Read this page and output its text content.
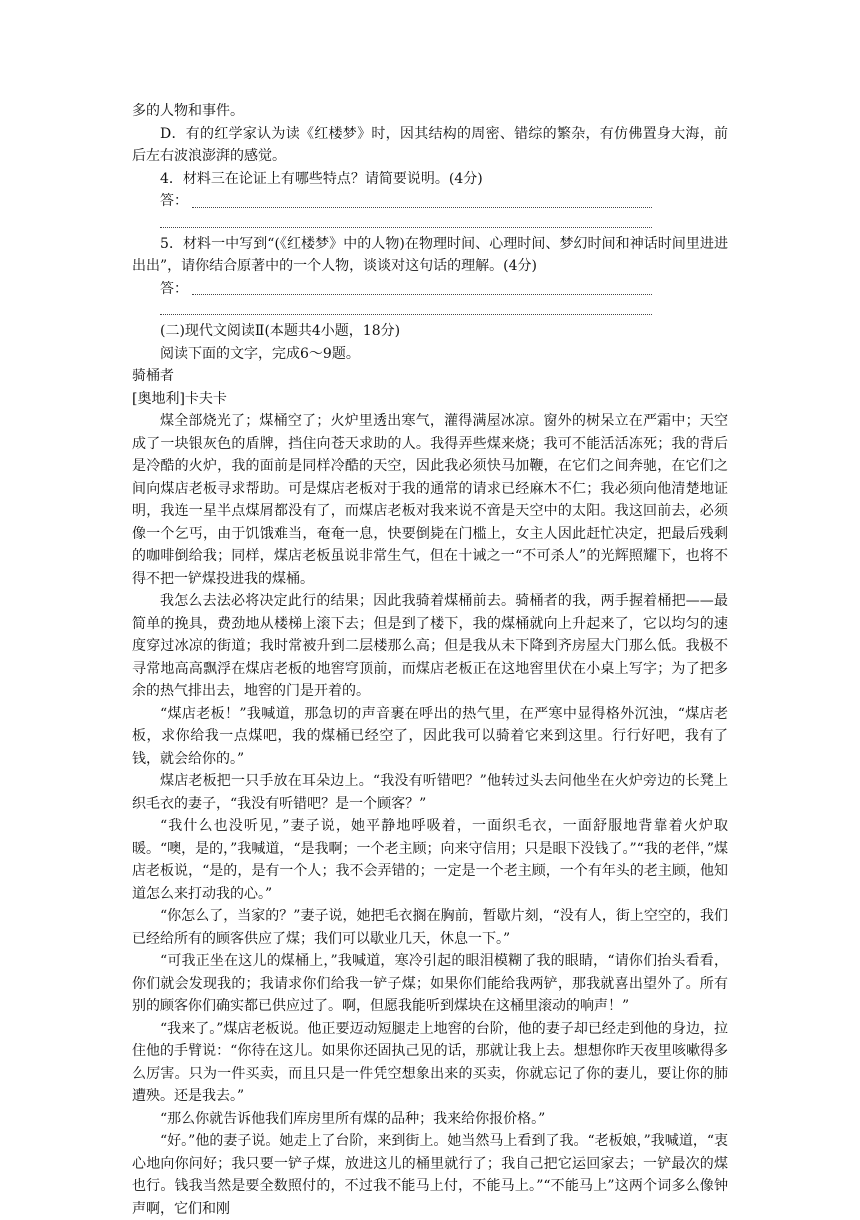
多的人物和事件。

D．有的红学家认为读《红楼梦》时，因其结构的周密、错综的繁杂，有仿佛置身大海，前后左右波浪澎湃的感觉。

4．材料三在论证上有哪些特点？请简要说明。(4分)

答：

5．材料一中写到“(《红楼梦》中的人物)在物理时间、心理时间、梦幻时间和神话时间里进进出出”，请你结合原著中的一个人物，谈谈对这句话的理解。(4分)

答：

(二)现代文阅读Ⅱ(本题共4小题，18分)

阅读下面的文字，完成6～9题。

骑桶者

[奥地利]卡夫卡

煤全部烧光了；煤桶空了；火炉里透出寒气，灌得满屋冰凉。窗外的树呆立在严霜中；天空成了一块银灰色的盾牌，挡住向苍天求助的人。我得弄些煤来烧；我可不能活活冻死；我的背后是冷酷的火炉，我的面前是同样冷酷的天空，因此我必须快马加鞭，在它们之间奔驰，在它们之间向煤店老板寻求帮助。可是煤店老板对于我的通常的请求已经麻木不仁；我必须向他清楚地证明，我连一星半点煤屑都没有了，而煤店老板对我来说不啻是天空中的太阳。我这回前去，必须像一个乞丐，由于饥饿难当，奄奄一息，快要倒毙在门槛上，女主人因此赶忙决定，把最后残剩的咖啡倒给我；同样，煤店老板虽说非常生气，但在十诫之一“不可杀人”的光辉照耀下，也将不得不把一铲煤投进我的煤桶。

我怎么去法必将决定此行的结果；因此我骑着煤桶前去。骑桶者的我，两手握着桶把——最简单的挽具，费劲地从楼梯上滚下去；但是到了楼下，我的煤桶就向上升起来了，它以均匀的速度穿过冰凉的街道；我时常被升到二层楼那么高；但是我从未下降到齐房屋大门那么低。我极不寻常地高高飘浮在煤店老板的地窖穹顶前，而煤店老板正在这地窖里伏在小桌上写字；为了把多余的热气排出去，地窖的门是开着的。

“煤店老板！”我喊道，那急切的声音裹在呼出的热气里，在严寒中显得格外沉浊，“煤店老板，求你给我一点煤吧，我的煤桶已经空了，因此我可以骑着它来到这里。行行好吧，我有了钱，就会给你的。”

煤店老板把一只手放在耳朵边上。“我没有听错吧？”他转过头去问他坐在火炉旁边的长凳上织毛衣的妻子，“我没有听错吧？是一个顾客？”

“我什么也没听见，”妻子说，她平静地呼吸着，一面织毛衣，一面舒服地背靠着火炉取暖。“噢，是的，”我喊道，“是我啊；一个老主顾；向来守信用；只是眼下没钱了。”“我的老伴，”煤店老板说，“是的，是有一个人；我不会弄错的；一定是一个老主顾，一个有年头的老主顾，他知道怎么来打动我的心。”

“你怎么了，当家的？”妻子说，她把毛衣搁在胸前，暂歇片刻，“没有人，街上空空的，我们已经给所有的顾客供应了煤；我们可以歇业几天，休息一下。”

“可我正坐在这儿的煤桶上，”我喊道，寒冷引起的眼泪模糊了我的眼睛，“请你们抬头看看，你们就会发现我的；我请求你们给我一铲子煤；如果你们能给我两铲，那我就喜出望外了。所有别的顾客你们确实都已供应过了。啊，但愿我能听到煤块在这桶里滚动的响声！”

“我来了。”煤店老板说。他正要迈动短腿走上地窖的台阶，他的妻子却已经走到他的身边，拉住他的手臂说：“你待在这儿。如果你还固执己见的话，那就让我上去。想想你昨天夜里咳嗽得多么厉害。只为一件买卖，而且只是一件凭空想象出来的买卖，你就忘记了你的妻儿，要让你的肺遭殃。还是我去。”

“那么你就告诉他我们库房里所有煤的品种；我来给你报价格。”

“好。”他的妻子说。她走上了台阶，来到街上。她当然马上看到了我。“老板娘，”我喊道，“衷心地向你问好；我只要一铲子煤，放进这儿的桶里就行了；我自己把它运回家去；一铲最次的煤也行。钱我当然是要全数照付的，不过我不能马上付，不能马上。”“不能马上”这两个词多么像钟声啊，它们和刚
